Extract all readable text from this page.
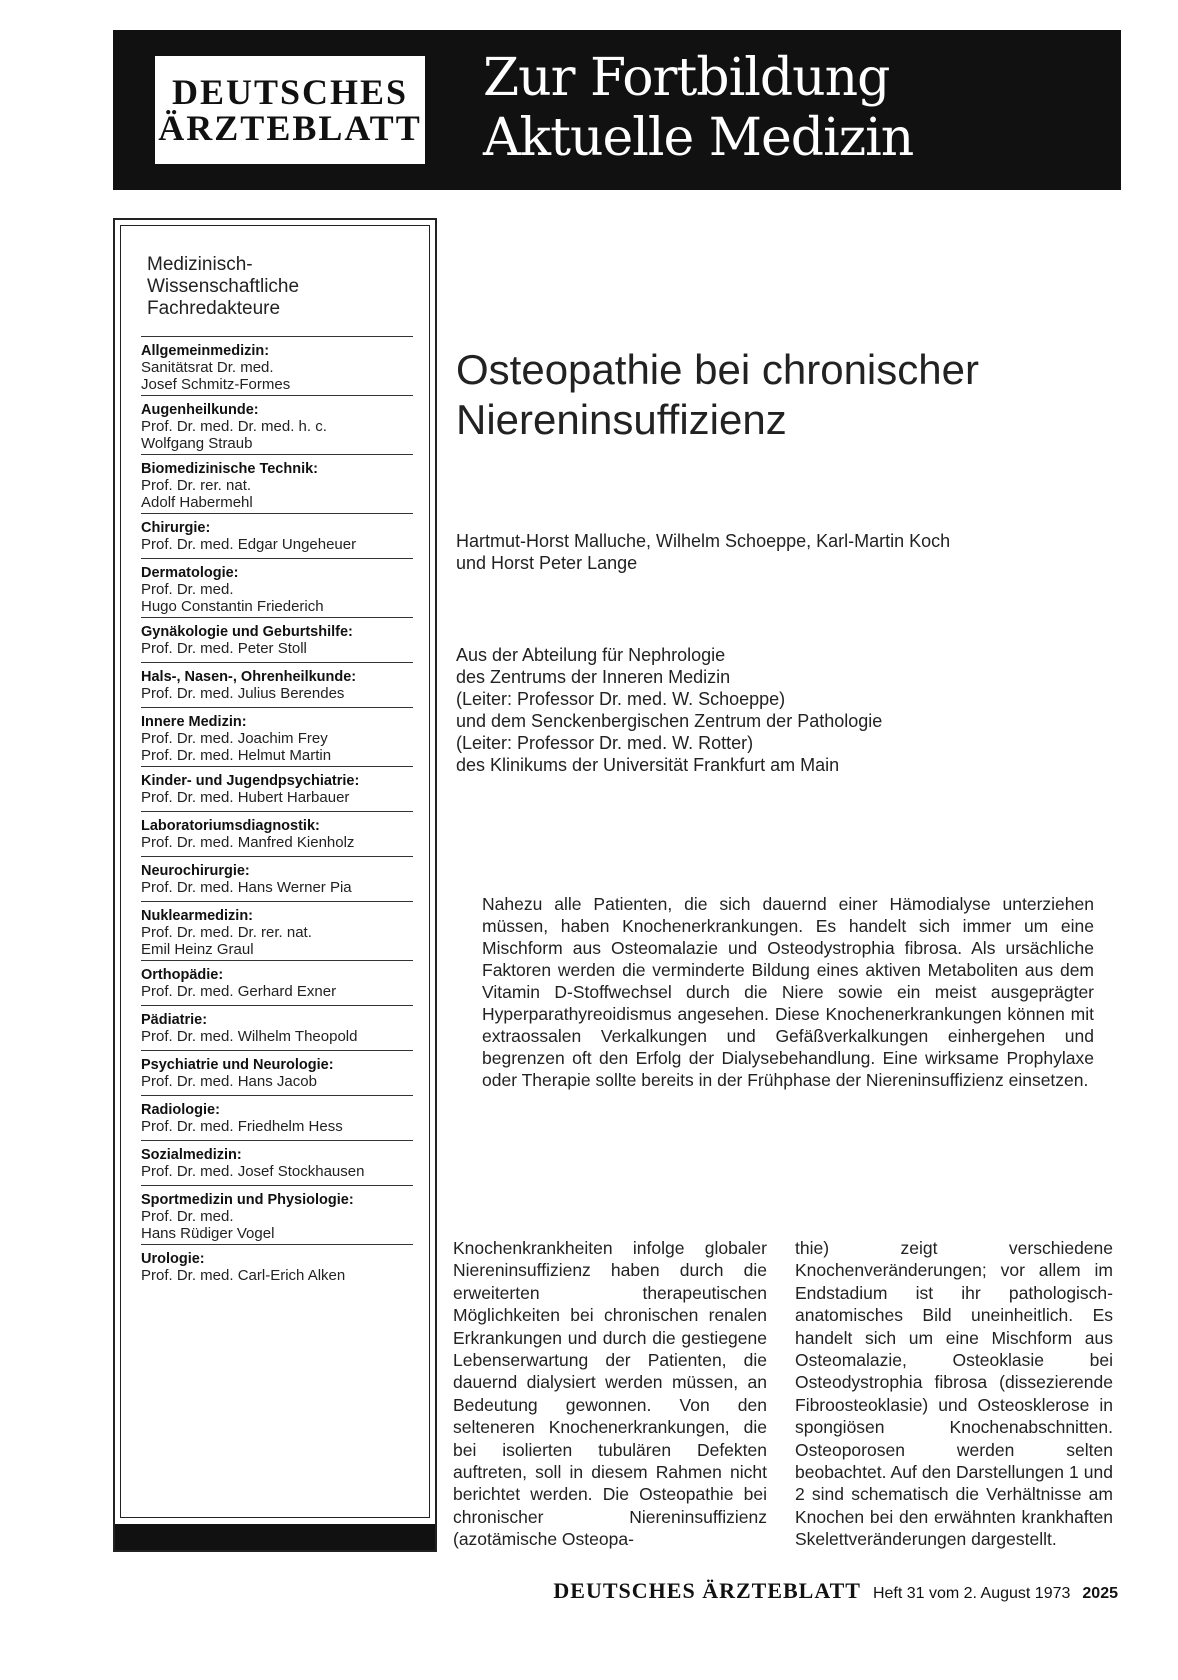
DEUTSCHES
ÄRZTEBLATT
Zur Fortbildung
Aktuelle Medizin
Medizinisch-
Wissenschaftliche
Fachredakteure
Allgemeinmedizin:
Sanitätsrat Dr. med.
Josef Schmitz-Formes
Augenheilkunde:
Prof. Dr. med. Dr. med. h. c.
Wolfgang Straub
Biomedizinische Technik:
Prof. Dr. rer. nat.
Adolf Habermehl
Chirurgie:
Prof. Dr. med. Edgar Ungeheuer
Dermatologie:
Prof. Dr. med.
Hugo Constantin Friederich
Gynäkologie und Geburtshilfe:
Prof. Dr. med. Peter Stoll
Hals-, Nasen-, Ohrenheilkunde:
Prof. Dr. med. Julius Berendes
Innere Medizin:
Prof. Dr. med. Joachim Frey
Prof. Dr. med. Helmut Martin
Kinder- und Jugendpsychiatrie:
Prof. Dr. med. Hubert Harbauer
Laboratoriumsdiagnostik:
Prof. Dr. med. Manfred Kienholz
Neurochirurgie:
Prof. Dr. med. Hans Werner Pia
Nuklearmedizin:
Prof. Dr. med. Dr. rer. nat.
Emil Heinz Graul
Orthopädie:
Prof. Dr. med. Gerhard Exner
Pädiatrie:
Prof. Dr. med. Wilhelm Theopold
Psychiatrie und Neurologie:
Prof. Dr. med. Hans Jacob
Radiologie:
Prof. Dr. med. Friedhelm Hess
Sozialmedizin:
Prof. Dr. med. Josef Stockhausen
Sportmedizin und Physiologie:
Prof. Dr. med.
Hans Rüdiger Vogel
Urologie:
Prof. Dr. med. Carl-Erich Alken
Osteopathie bei chronischer
Niereninsuffizienz
Hartmut-Horst Malluche, Wilhelm Schoeppe, Karl-Martin Koch
und Horst Peter Lange
Aus der Abteilung für Nephrologie
des Zentrums der Inneren Medizin
(Leiter: Professor Dr. med. W. Schoeppe)
und dem Senckenbergischen Zentrum der Pathologie
(Leiter: Professor Dr. med. W. Rotter)
des Klinikums der Universität Frankfurt am Main
Nahezu alle Patienten, die sich dauernd einer Hämodialyse unterziehen müssen, haben Knochenerkrankungen. Es handelt sich immer um eine Mischform aus Osteomalazie und Osteodystrophia fibrosa. Als ursächliche Faktoren werden die verminderte Bildung eines aktiven Metaboliten aus dem Vitamin D-Stoffwechsel durch die Niere sowie ein meist ausgeprägter Hyperparathyreoidismus angesehen. Diese Knochenerkrankungen können mit extraossalen Verkalkungen und Gefäßverkalkungen einhergehen und begrenzen oft den Erfolg der Dialysebehandlung. Eine wirksame Prophylaxe oder Therapie sollte bereits in der Frühphase der Niereninsuffizienz einsetzen.
Knochenkrankheiten infolge globaler Niereninsuffizienz haben durch die erweiterten therapeutischen Möglichkeiten bei chronischen renalen Erkrankungen und durch die gestiegene Lebenserwartung der Patienten, die dauernd dialysiert werden müssen, an Bedeutung gewonnen. Von den selteneren Knochenerkrankungen, die bei isolierten tubulären Defekten auftreten, soll in diesem Rahmen nicht berichtet werden. Die Osteopathie bei chronischer Niereninsuffizienz (azotämische Osteopa-
thie) zeigt verschiedene Knochenveränderungen; vor allem im Endstadium ist ihr pathologisch-anatomisches Bild uneinheitlich. Es handelt sich um eine Mischform aus Osteomalazie, Osteoklasie bei Osteodystrophia fibrosa (dissezierende Fibroosteoklasie) und Osteosklerose in spongiösen Knochenabschnitten. Osteoporosen werden selten beobachtet. Auf den Darstellungen 1 und 2 sind schematisch die Verhältnisse am Knochen bei den erwähnten krankhaften Skelettveränderungen dargestellt.
DEUTSCHES ÄRZTEBLATT Heft 31 vom 2. August 1973 2025
